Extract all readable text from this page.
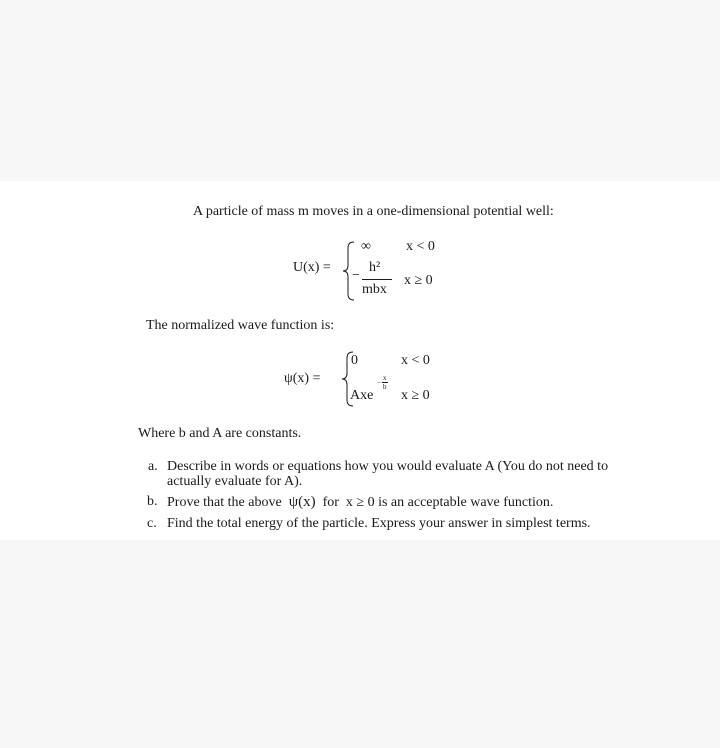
A particle of mass m moves in a one-dimensional potential well:
U(x) =
∞	x < 0
−
h²
mbx
x ≥ 0
The normalized wave function is:
ψ(x) =
0	x < 0
Axe
−
x
b
x ≥ 0
Where b and A are constants.
a. Describe in words or equations how you would evaluate A (You do not need to
actually evaluate for A).
b. Prove that the above ψ(x) for x ≥ 0 is an acceptable wave function.
c. Find the total energy of the particle. Express your answer in simplest terms.
